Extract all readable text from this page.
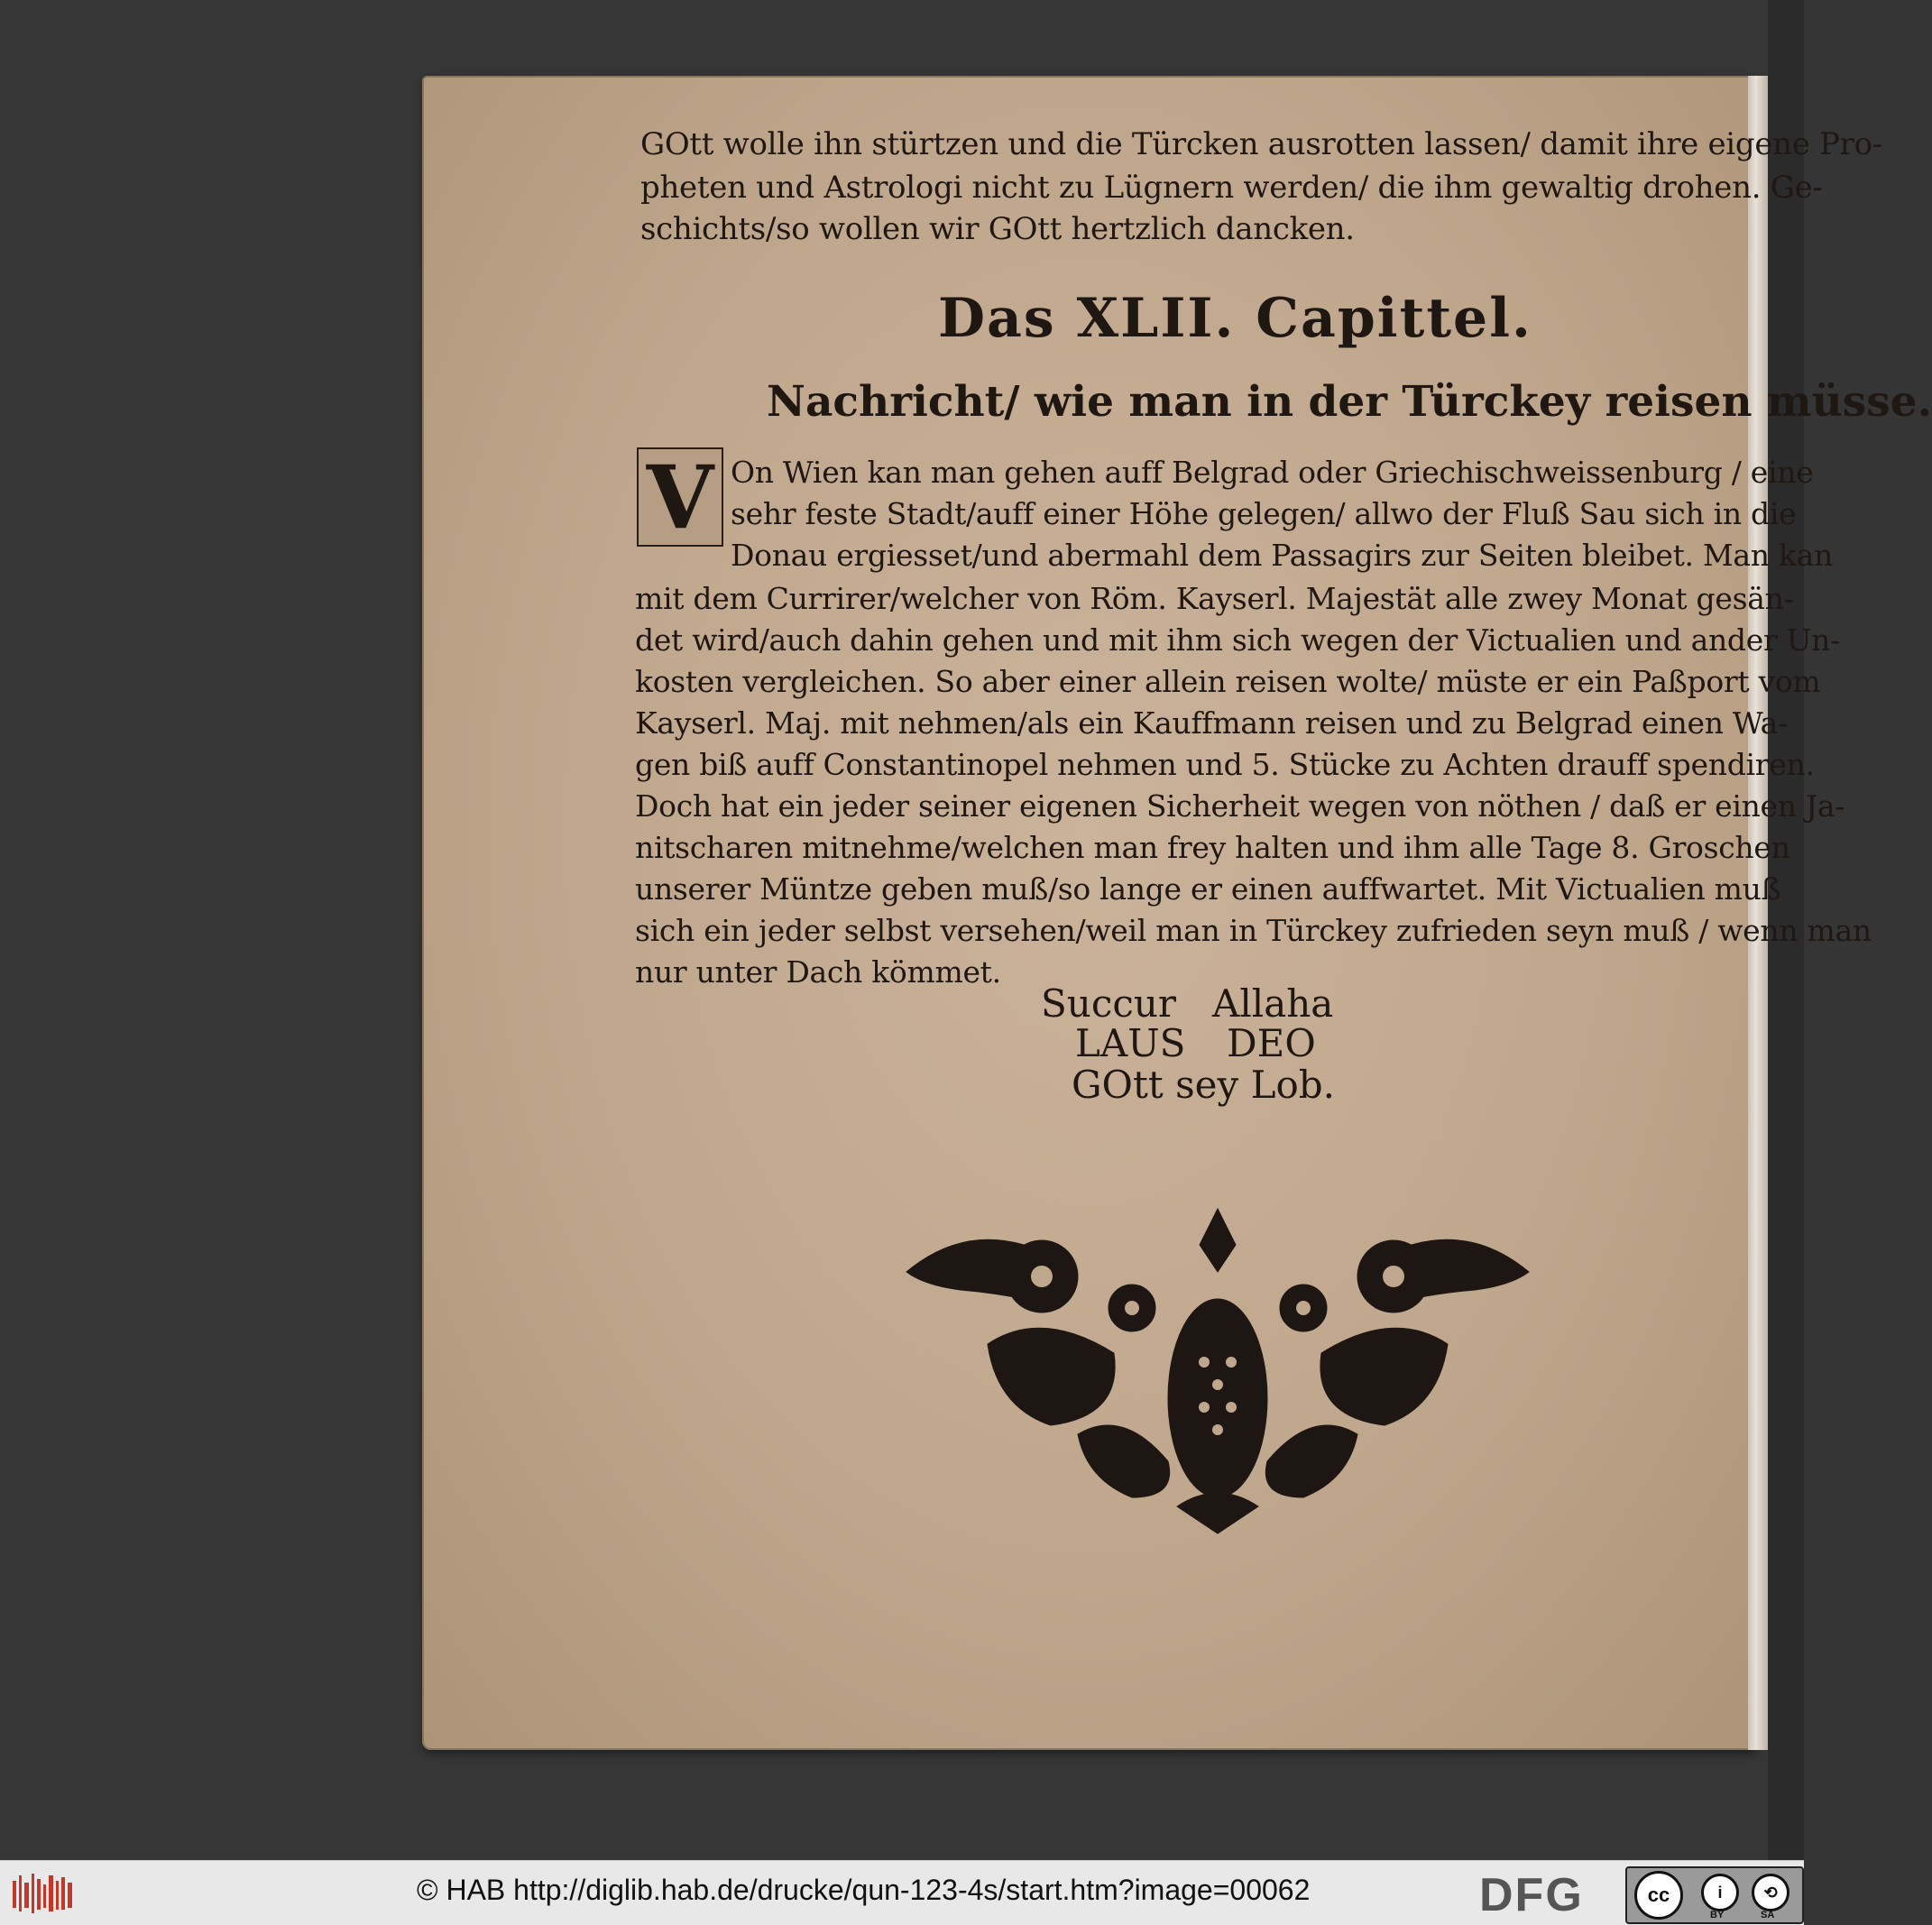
GOtt wolle ihn stürtzen und die Türcken ausrotten lassen/ damit ihre eigene Pro-
pheten und Astrologi nicht zu Lügnern werden/ die ihm gewaltig drohen. Ge-
schichts/so wollen wir GOtt hertzlich dancken.
Das XLII. Capittel.
Nachricht/ wie man in der Türckey reisen müsse.
V On Wien kan man gehen auff Belgrad oder Griechischweissenburg / eine
sehr feste Stadt/auff einer Höhe gelegen/ allwo der Fluß Sau sich in die
Donau ergiesset/und abermahl dem Passagirs zur Seiten bleibet. Man kan
mit dem Currirer/welcher von Röm. Kayserl. Majestät alle zwey Monat gesän-
det wird/auch dahin gehen und mit ihm sich wegen der Victualien und ander Un-
kosten vergleichen. So aber einer allein reisen wolte/ müste er ein Paßport vom
Kayserl. Maj. mit nehmen/als ein Kauffmann reisen und zu Belgrad einen Wa-
gen biß auff Constantinopel nehmen und 5. Stücke zu Achten drauff spendiren.
Doch hat ein jeder seiner eigenen Sicherheit wegen von nöthen / daß er einen Ja-
nitscharen mitnehme/welchen man frey halten und ihm alle Tage 8. Groschen
unserer Müntze geben muß/so lange er einen auffwartet. Mit Victualien muß
sich ein jeder selbst versehen/weil man in Türckey zufrieden seyn muß / wenn man
nur unter Dach kömmet.
Succur Allaha
LAUS DEO
GOtt sey Lob.
© HAB http://diglib.hab.de/drucke/qun-123-4s/start.htm?image=00062	DFG	cc	i	⟲
BY	SA
